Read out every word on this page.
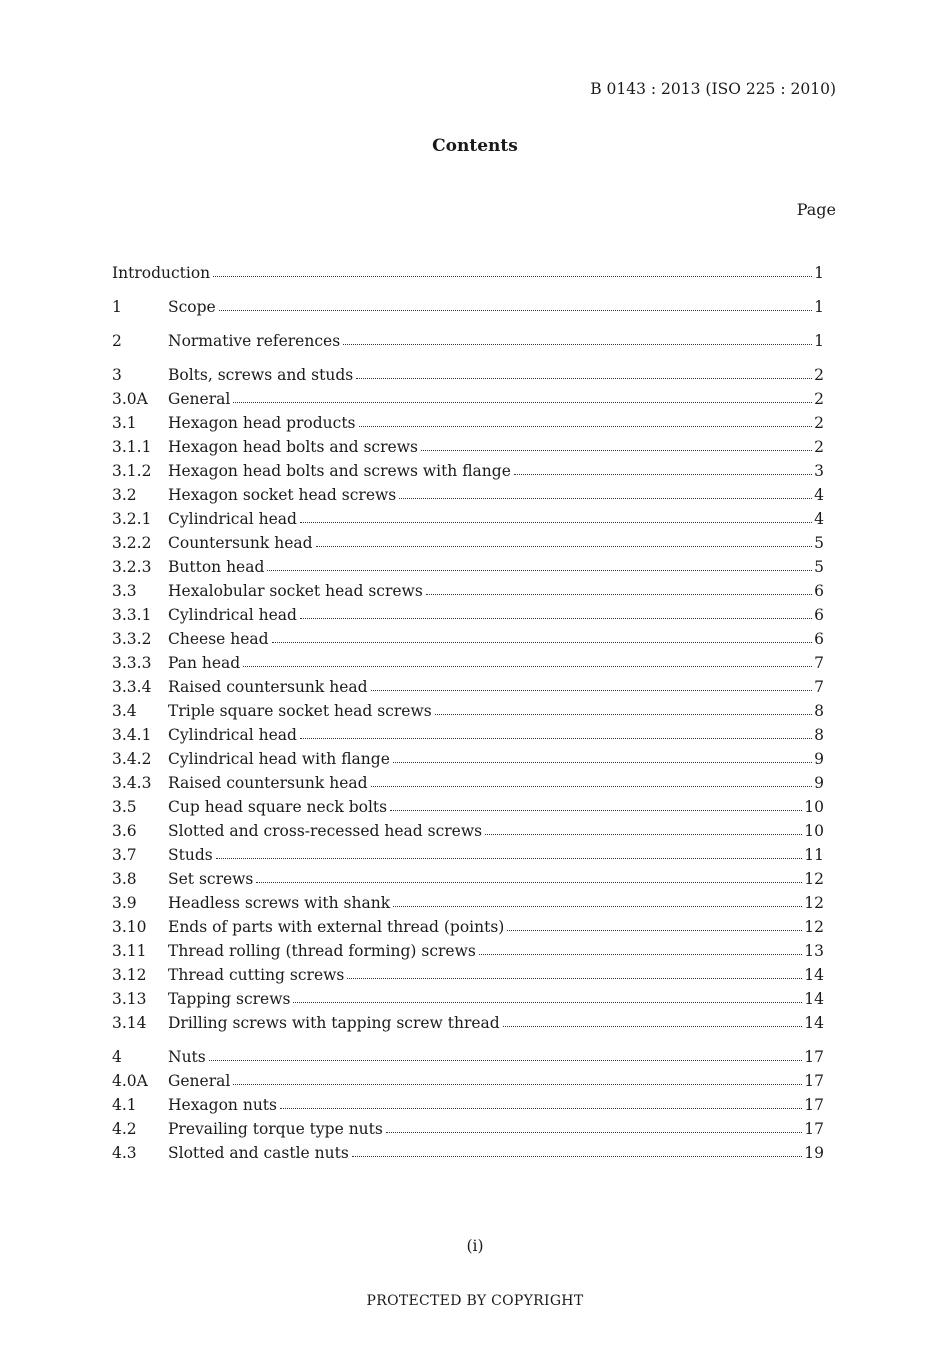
B 0143 : 2013 (ISO 225 : 2010)
Contents
Page
Introduction	1
1	Scope	1
2	Normative references	1
3	Bolts, screws and studs	2
3.0A	General	2
3.1	Hexagon head products	2
3.1.1	Hexagon head bolts and screws	2
3.1.2	Hexagon head bolts and screws with flange	3
3.2	Hexagon socket head screws	4
3.2.1	Cylindrical head	4
3.2.2	Countersunk head	5
3.2.3	Button head	5
3.3	Hexalobular socket head screws	6
3.3.1	Cylindrical head	6
3.3.2	Cheese head	6
3.3.3	Pan head	7
3.3.4	Raised countersunk head	7
3.4	Triple square socket head screws	8
3.4.1	Cylindrical head	8
3.4.2	Cylindrical head with flange	9
3.4.3	Raised countersunk head	9
3.5	Cup head square neck bolts	10
3.6	Slotted and cross-recessed head screws	10
3.7	Studs	11
3.8	Set screws	12
3.9	Headless screws with shank	12
3.10	Ends of parts with external thread (points)	12
3.11	Thread rolling (thread forming) screws	13
3.12	Thread cutting screws	14
3.13	Tapping screws	14
3.14	Drilling screws with tapping screw thread	14
4	Nuts	17
4.0A	General	17
4.1	Hexagon nuts	17
4.2	Prevailing torque type nuts	17
4.3	Slotted and castle nuts	19
(i)
PROTECTED BY COPYRIGHT
